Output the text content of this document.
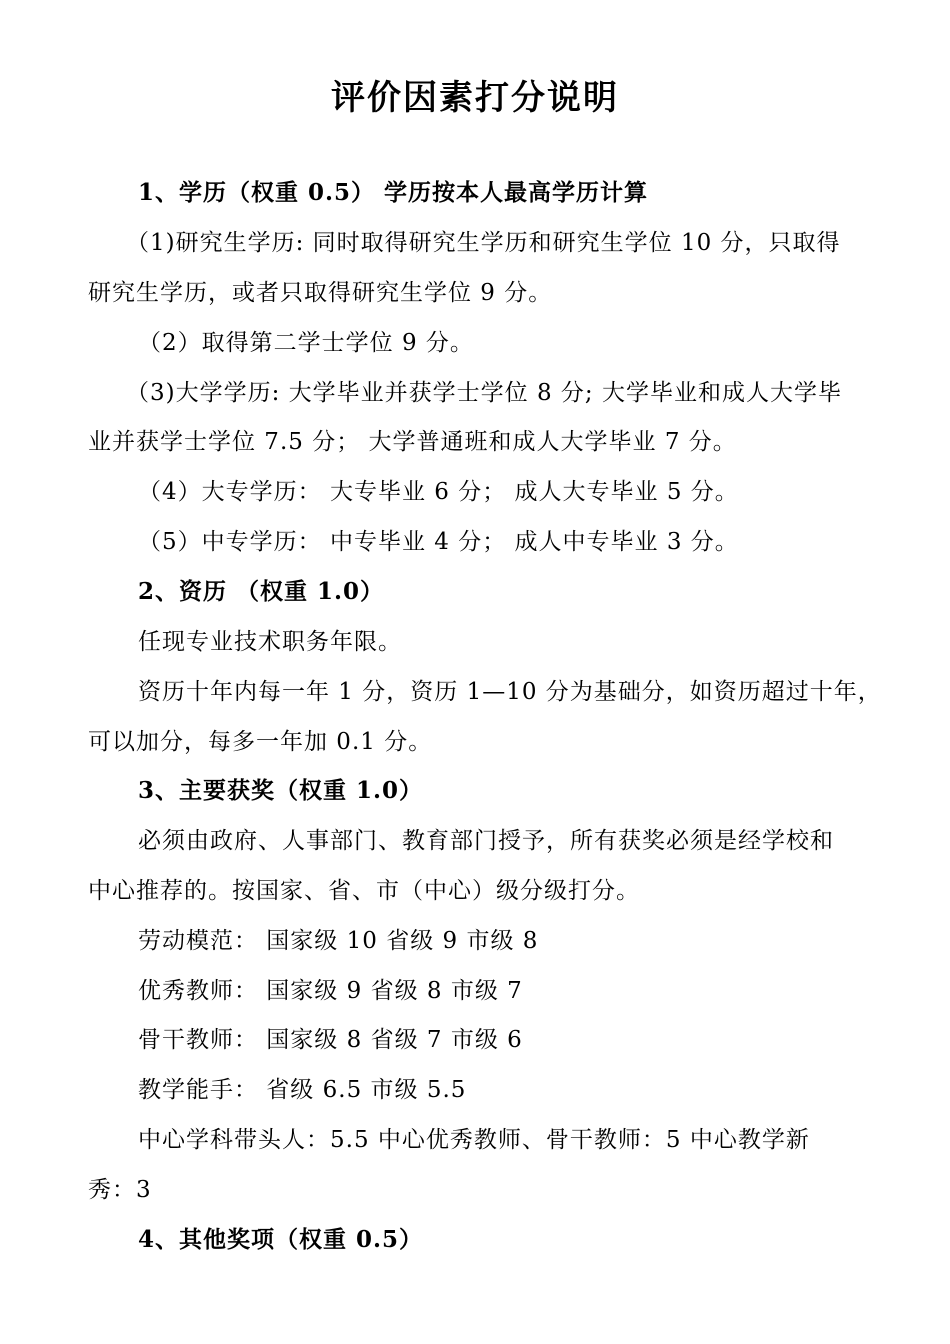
评价因素打分说明
1、学历（权重 0.5） 学历按本人最高学历计算
（1)研究生学历: 同时取得研究生学历和研究生学位 10 分，只取得
研究生学历，或者只取得研究生学位 9 分。
（2）取得第二学士学位 9 分。
（3)大学学历: 大学毕业并获学士学位 8 分; 大学毕业和成人大学毕
业并获学士学位 7.5 分； 大学普通班和成人大学毕业 7 分。
（4）大专学历： 大专毕业 6 分； 成人大专毕业 5 分。
（5）中专学历： 中专毕业 4 分； 成人中专毕业 3 分。
2、资历 （权重 1.0）
任现专业技术职务年限。
资历十年内每一年 1 分，资历 1—10 分为基础分，如资历超过十年，
可以加分，每多一年加 0.1 分。
3、主要获奖（权重 1.0）
必须由政府、人事部门、教育部门授予，所有获奖必须是经学校和
中心推荐的。按国家、省、市（中心）级分级打分。
劳动模范： 国家级 10 省级 9 市级 8
优秀教师： 国家级 9 省级 8 市级 7
骨干教师： 国家级 8 省级 7 市级 6
教学能手： 省级 6.5 市级 5.5
中心学科带头人：5.5 中心优秀教师、骨干教师：5 中心教学新
秀：3
4、其他奖项（权重 0.5）
